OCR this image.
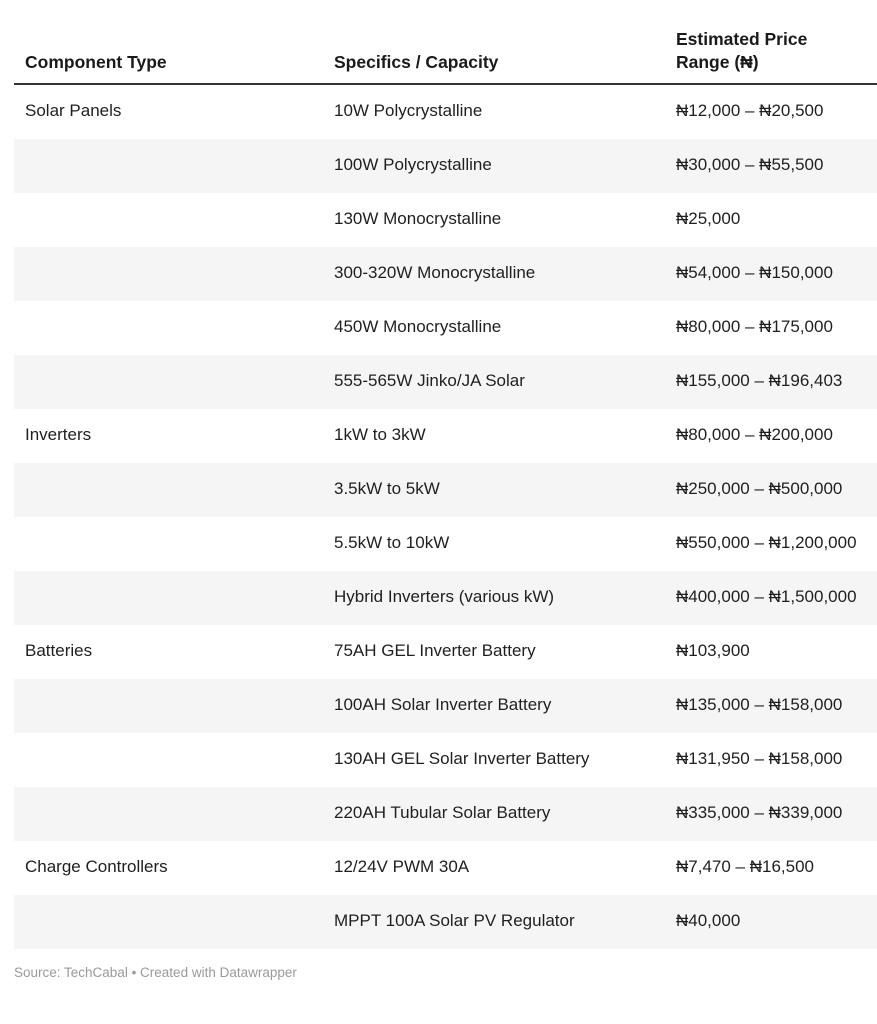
Component Type	Specifics / Capacity	Estimated Price
Range (₦)

Solar Panels	10W Polycrystalline	₦12,000 – ₦20,500
	100W Polycrystalline	₦30,000 – ₦55,500
	130W Monocrystalline	₦25,000
	300-320W Monocrystalline	₦54,000 – ₦150,000
	450W Monocrystalline	₦80,000 – ₦175,000
	555-565W Jinko/JA Solar	₦155,000 – ₦196,403
Inverters	1kW to 3kW	₦80,000 – ₦200,000
	3.5kW to 5kW	₦250,000 – ₦500,000
	5.5kW to 10kW	₦550,000 – ₦1,200,000
	Hybrid Inverters (various kW)	₦400,000 – ₦1,500,000
Batteries	75AH GEL Inverter Battery	₦103,900
	100AH Solar Inverter Battery	₦135,000 – ₦158,000
	130AH GEL Solar Inverter Battery	₦131,950 – ₦158,000
	220AH Tubular Solar Battery	₦335,000 – ₦339,000
Charge Controllers	12/24V PWM 30A	₦7,470 – ₦16,500
	MPPT 100A Solar PV Regulator	₦40,000
Source: TechCabal • Created with Datawrapper
